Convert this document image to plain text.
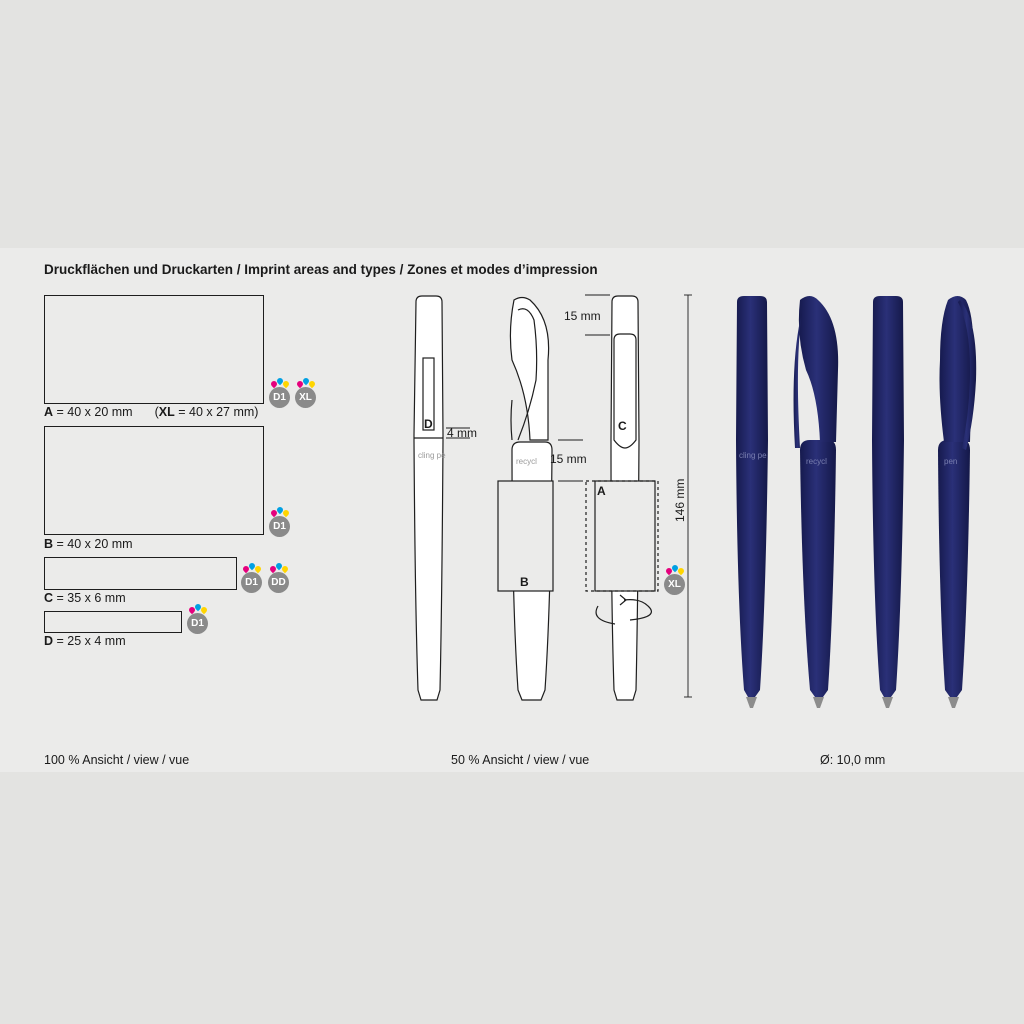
Druckflächen und Druckarten / Imprint areas and types / Zones et modes d’impression
A = 40 x 20 mm (XL = 40 x 27 mm)
B = 40 x 20 mm
C = 35 x 6 mm
D = 25 x 4 mm
D1	XL
D1
D1	DD
D1
XL
D
B
C
A
15 mm
4 mm
15 mm
146 mm
cling pe
recycl
cling pe
recycl	pen
100 % Ansicht / view / vue	50 % Ansicht / view / vue	Ø: 10,0 mm
